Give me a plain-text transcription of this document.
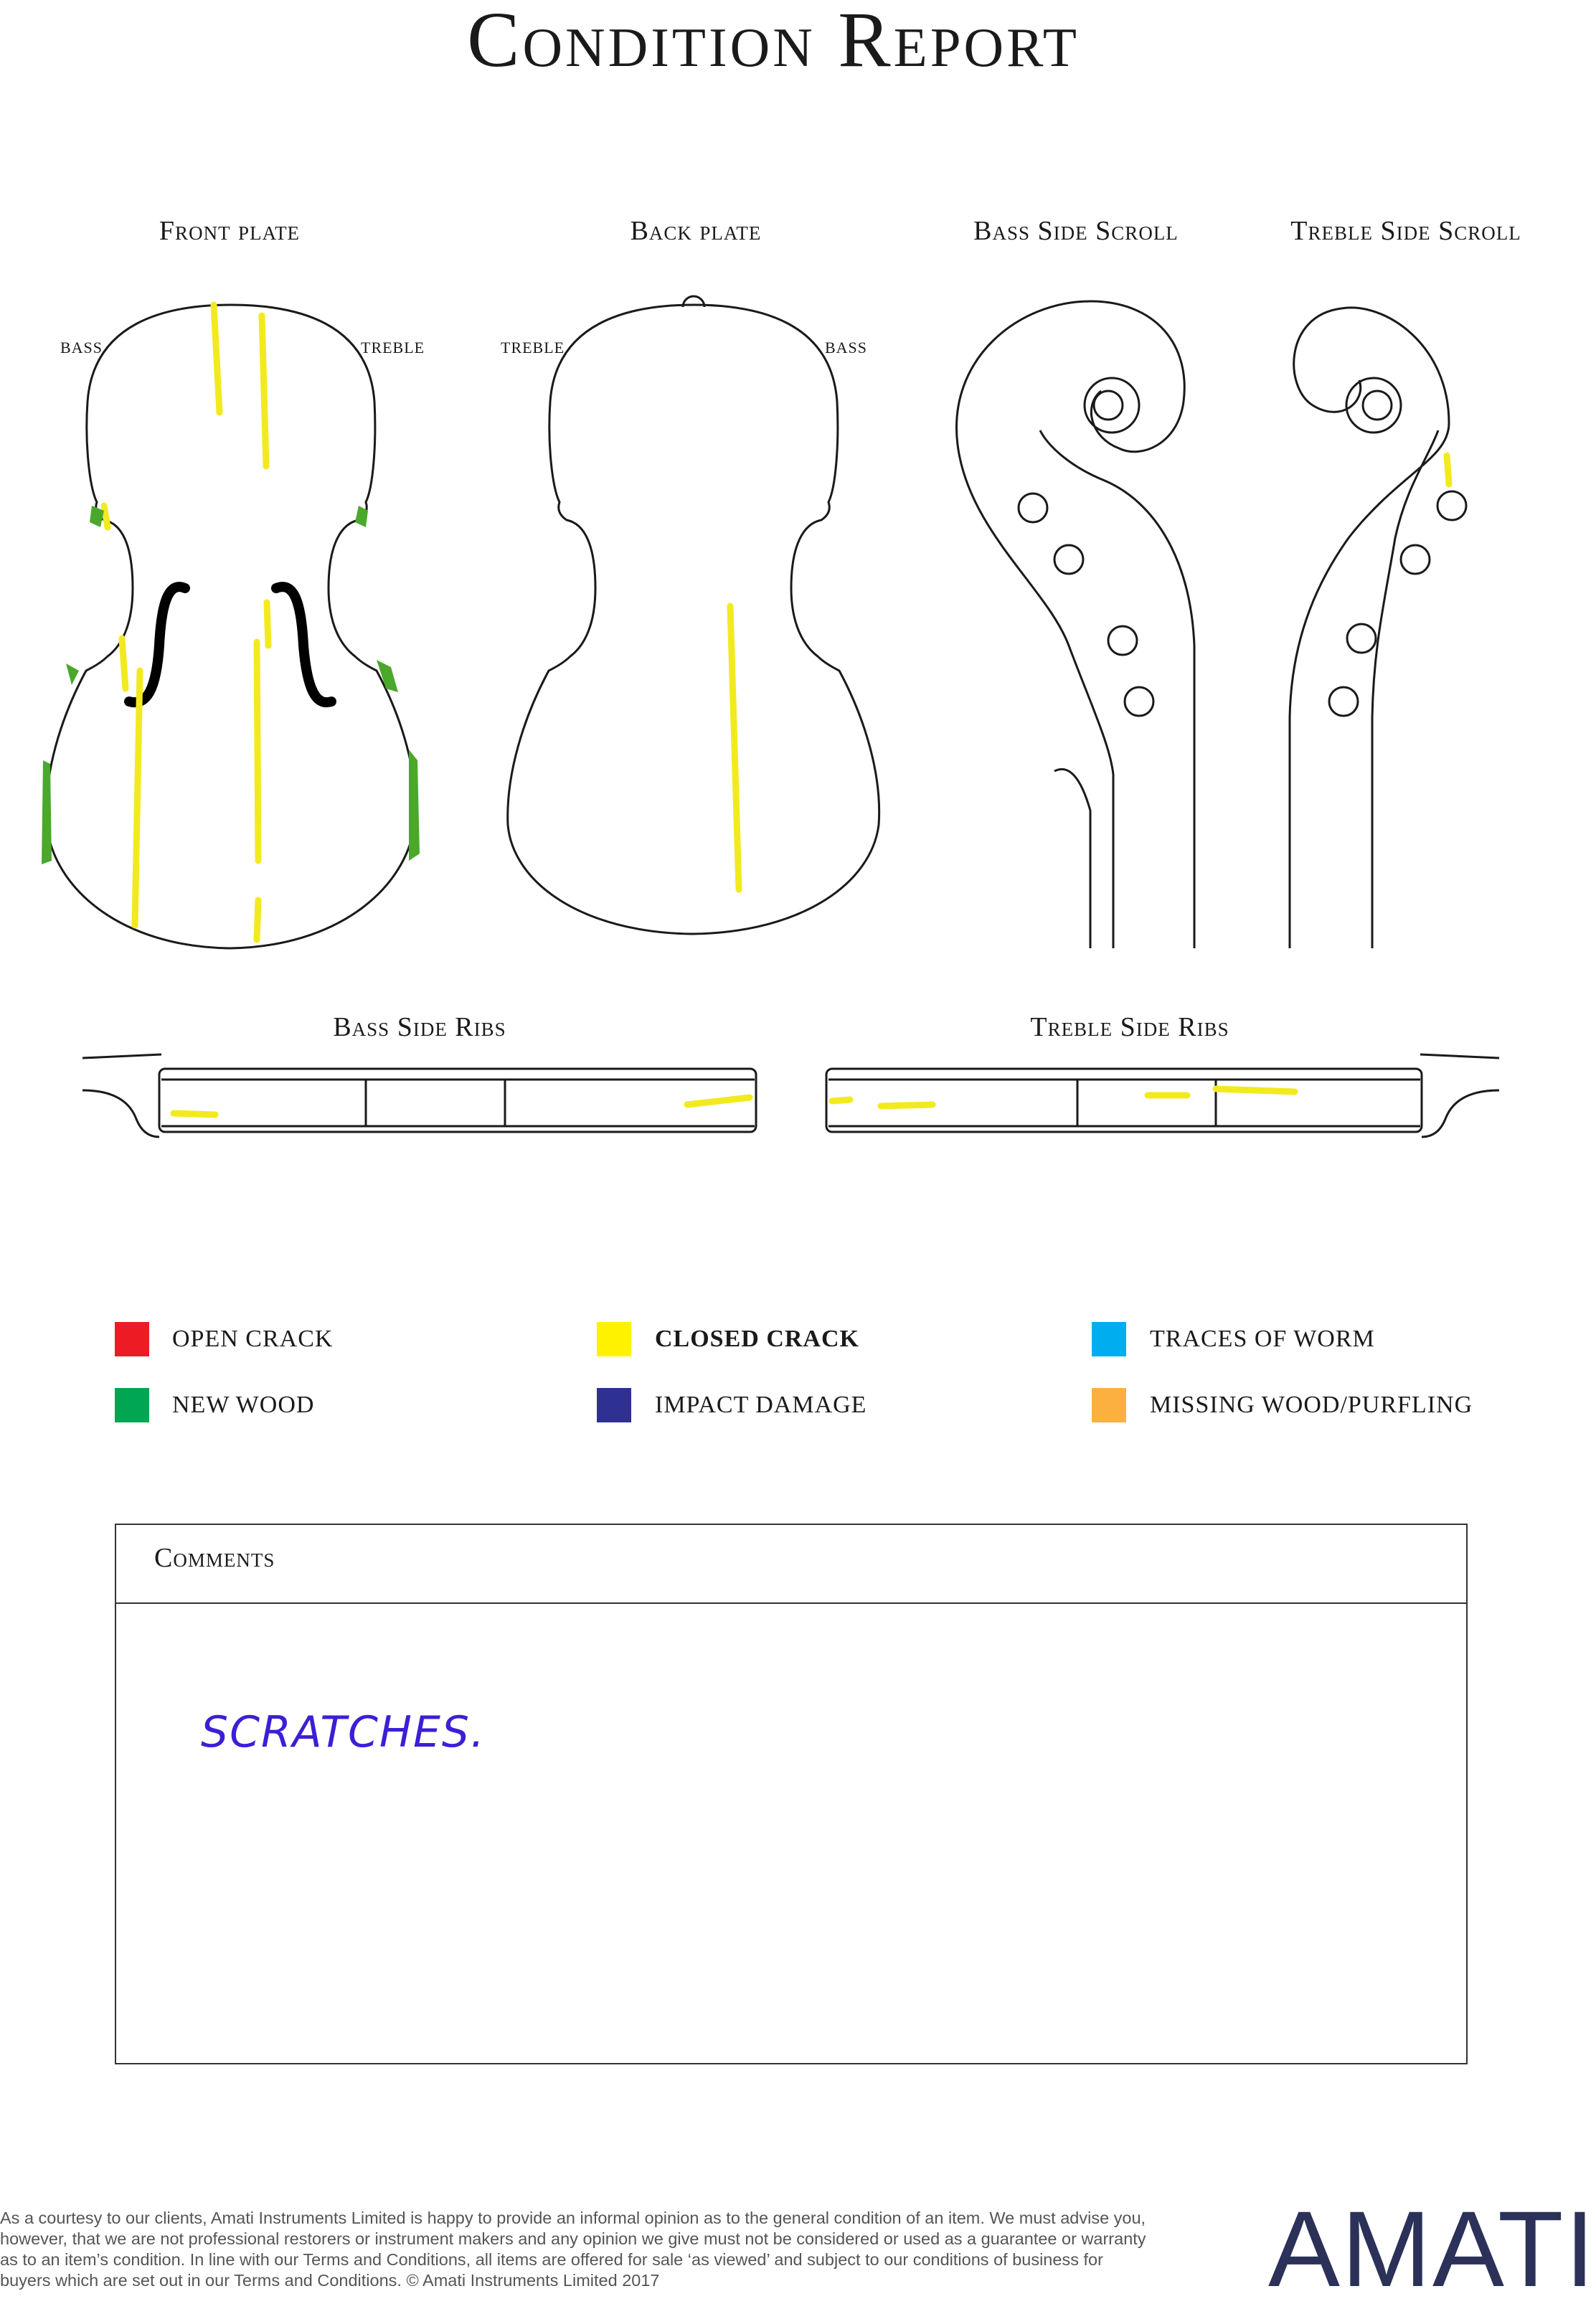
Condition Report
Front plate	Back plate	Bass Side Scroll	Treble Side Scroll
BASS	TREBLE	TREBLE	BASS
Bass Side Ribs	Treble Side Ribs
OPEN CRACK	CLOSED CRACK	TRACES OF WORM
NEW WOOD	IMPACT DAMAGE	MISSING WOOD/PURFLING
Comments
SCRATCHES.
As a courtesy to our clients, Amati Instruments Limited is happy to provide an informal opinion as to the general condition of an item. We must advise you, however, that we are not professional restorers or instrument makers and any opinion we give must not be considered or used as a guarantee or warranty as to an item’s condition. In line with our Terms and Conditions, all items are offered for sale ‘as viewed’ and subject to our conditions of business for buyers which are set out in our Terms and Conditions. © Amati Instruments Limited 2017	AMATI
